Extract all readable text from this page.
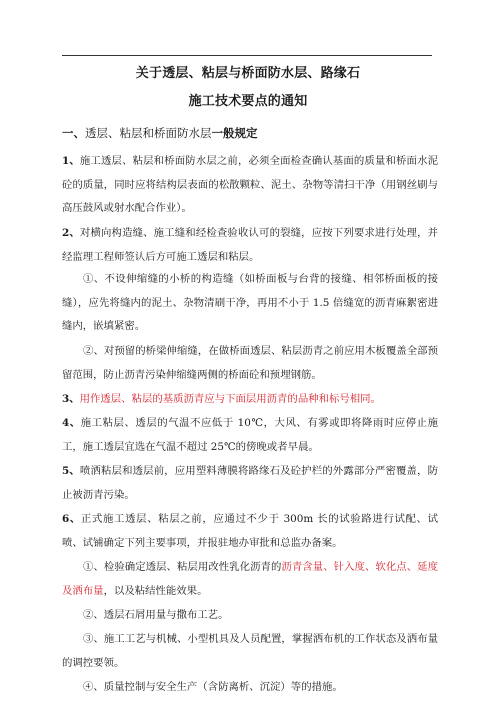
关于透层、粘层与桥面防水层、路缘石
施工技术要点的通知

一、透层、粘层和桥面防水层一般规定

1、施工透层、粘层和桥面防水层之前，必须全面检查确认基面的质量和桥面水泥砼的质量，同时应将结构层表面的松散颗粒、泥土、杂物等清扫干净（用钢丝刷与高压鼓风或射水配合作业）。

2、对横向构造缝、施工缝和经检查验收认可的裂缝，应按下列要求进行处理，并经监理工程师签认后方可施工透层和粘层。

①、不设伸缩缝的小桥的构造缝（如桥面板与台背的接缝、相邻桥面板的接缝），应先将缝内的泥土、杂物清刷干净，再用不小于 1.5 倍缝宽的沥青麻絮密进缝内，嵌填紧密。

②、对预留的桥梁伸缩缝，在做桥面透层、粘层沥青之前应用木板覆盖全部预留范围，防止沥青污染伸缩缝两侧的桥面砼和预埋钢筋。

3、用作透层、粘层的基质沥青应与下面层用沥青的品种和标号相同。

4、施工粘层、透层的气温不应低于 10℃，大风、有雾或即将降雨时应停止施工，施工透层宜选在气温不超过 25℃的傍晚或者早晨。

5、喷洒粘层和透层前，应用塑料薄膜将路缘石及砼护栏的外露部分严密覆盖，防止被沥青污染。

6、正式施工透层、粘层之前，应通过不少于 300m 长的试验路进行试配、试喷、试铺确定下列主要事项，并报驻地办审批和总监办备案。

①、检验确定透层、粘层用改性乳化沥青的沥青含量、针入度、软化点、延度及洒布量，以及粘结性能效果。

②、透层石屑用量与撒布工艺。

③、施工工艺与机械、小型机具及人员配置，掌握洒布机的工作状态及洒布量的调控要领。

④、质量控制与安全生产（含防离析、沉淀）等的措施。
